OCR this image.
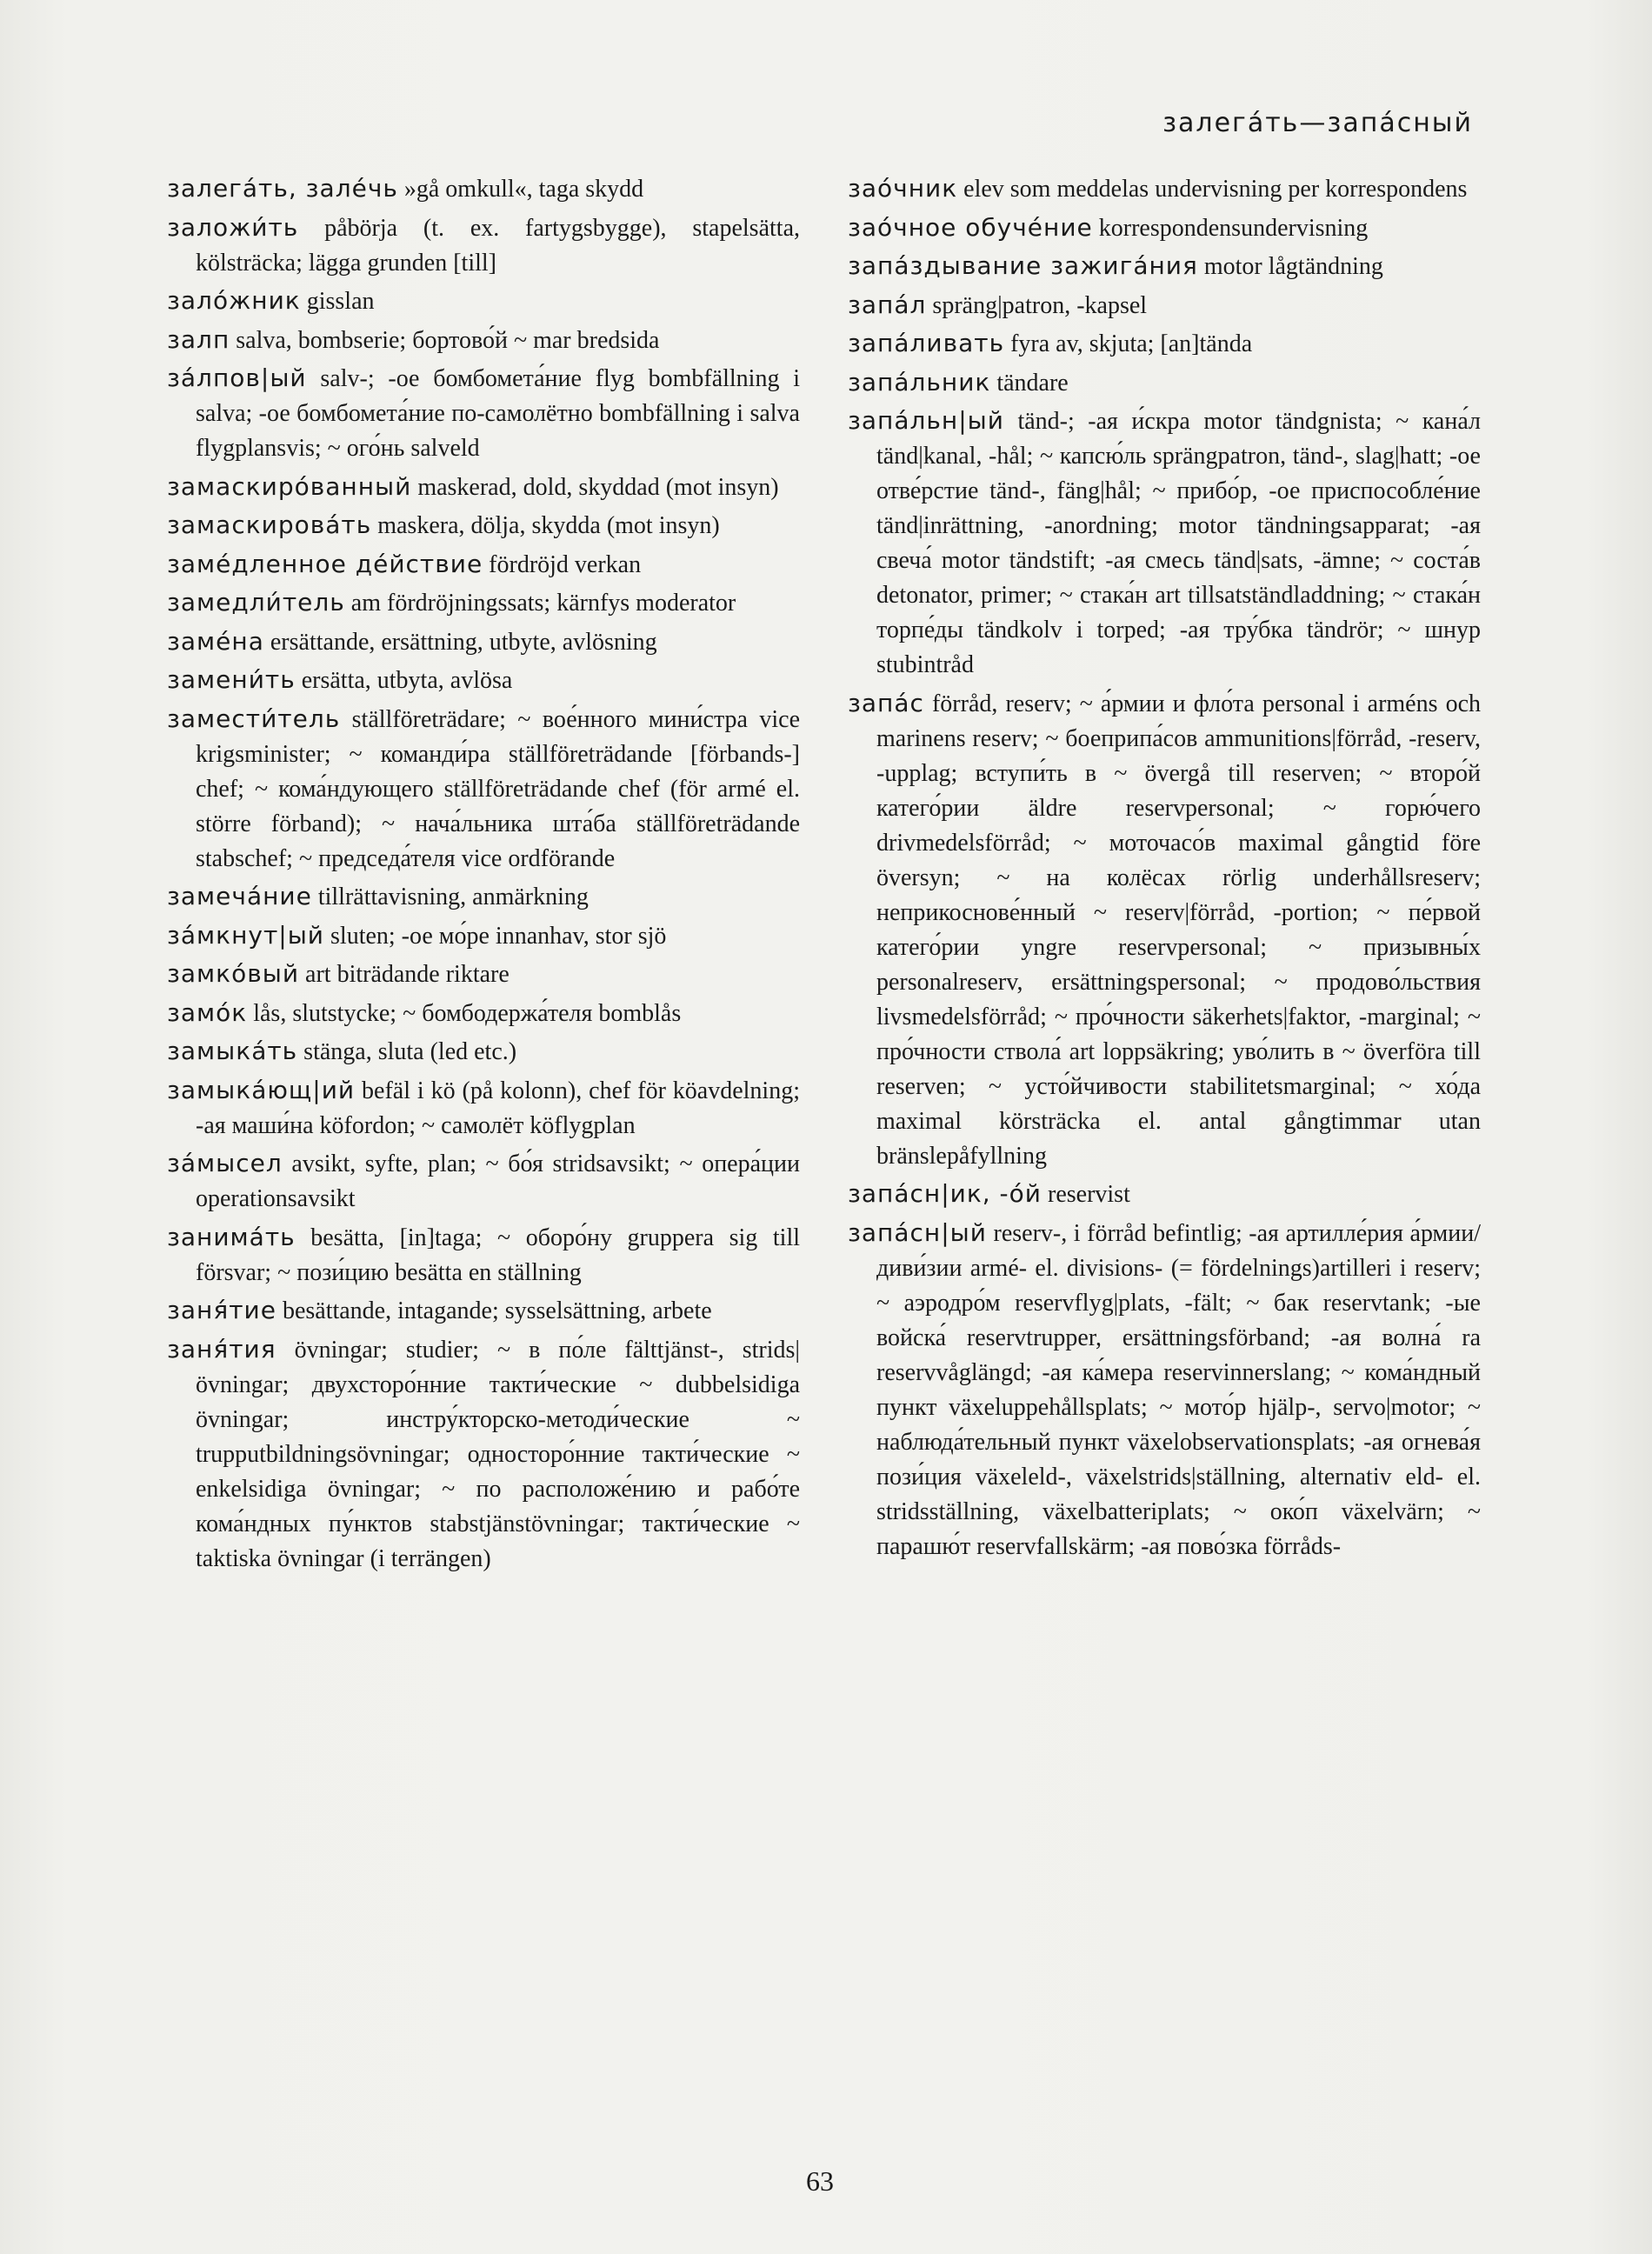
залега́ть—запа́сный

залега́ть, зале́чь »gå omkull«, taga skydd

заложи́ть påbörja (t. ex. fartygsbygge), stapelsätta, kölsträcka; lägga grunden [till]

зало́жник gisslan

залп salva, bombserie; бортово́й ~ mar bredsida

за́лпов|ый salv-; -ое бомбомета́ние flyg bombfällning i salva; -ое бомбомета́ние по-самолётно bombfällning i salva flygplansvis; ~ ого́нь salveld

замаскиро́ванный maskerad, dold, skyddad (mot insyn)

замаскирова́ть maskera, dölja, skydda (mot insyn)

заме́дленное де́йствие fördröjd verkan

замедли́тель am fördröjningssats; kärnfys moderator

заме́на ersättande, ersättning, utbyte, avlösning

замени́ть ersätta, utbyta, avlösa

замести́тель ställföreträdare; ~ вое́нного мини́стра vice krigsminister; ~ команди́ра ställföreträdande [förbands-] chef; ~ кома́ндующего ställföreträdande chef (för armé el. större förband); ~ нача́льника шта́ба ställföreträdande stabschef; ~ председа́теля vice ordförande

замеча́ние tillrättavisning, anmärkning

за́мкнут|ый sluten; -ое мо́ре innanhav, stor sjö

замко́вый art biträdande riktare

замо́к lås, slutstycke; ~ бомбодержа́теля bomblås

замыка́ть stänga, sluta (led etc.)

замыка́ющ|ий befäl i kö (på kolonn), chef för köavdelning; -ая маши́на köfordon; ~ самолёт köflygplan

за́мысел avsikt, syfte, plan; ~ бо́я stridsavsikt; ~ опера́ции operationsavsikt

занима́ть besätta, [in]taga; ~ оборо́ну gruppera sig till försvar; ~ пози́цию besätta en ställning

заня́тие besättande, intagande; sysselsättning, arbete

заня́тия övningar; studier; ~ в по́ле fälttjänst-, strids|övningar; двухсторо́нние такти́ческие ~ dubbelsidiga övningar; инстру́кторско-методи́ческие ~ trupputbildningsövningar; односторо́нние такти́ческие ~ enkelsidiga övningar; ~ по расположе́нию и рабо́те кома́ндных пу́нктов stabstjänstövningar; такти́ческие ~ taktiska övningar (i terrängen)

зао́чник elev som meddelas undervisning per korrespondens

зао́чное обуче́ние korrespondensundervisning

запа́здывание зажига́ния motor lågtändning

запа́л spräng|patron, -kapsel

запа́ливать fyra av, skjuta; [an]tända

запа́льник tändare

запа́льн|ый tänd-; -ая и́скра motor tändgnista; ~ кана́л tänd|kanal, -hål; ~ капсю́ль sprängpatron, tänd-, slag|hatt; -ое отве́рстие tänd-, fäng|hål; ~ прибо́р, -ое приспособле́ние tänd|inrättning, -anordning; motor tändningsapparat; -ая свеча́ motor tändstift; -ая смесь tänd|sats, -ämne; ~ соста́в detonator, primer; ~ стака́н art tillsatständladdning; ~ стака́н торпе́ды tändkolv i torped; -ая тру́бка tändrör; ~ шнур stubintråd

запа́с förråd, reserv; ~ а́рмии и фло́та personal i arméns och marinens reserv; ~ боеприпа́сов ammunitions|förråd, -reserv, -upplag; вступи́ть в ~ övergå till reserven; ~ второ́й катего́рии äldre reservpersonal; ~ горю́чего drivmedelsförråd; ~ моточасо́в maximal gångtid före översyn; ~ на колёсах rörlig underhållsreserv; неприкоснове́нный ~ reserv|förråd, -portion; ~ пе́рвой катего́рии yngre reservpersonal; ~ призывны́х personalreserv, ersättningspersonal; ~ продово́льствия livsmedelsförråd; ~ про́чности säkerhets|faktor, -marginal; ~ про́чности ствола́ art loppsäkring; уво́лить в ~ överföra till reserven; ~ усто́йчивости stabilitetsmarginal; ~ хо́да maximal körsträcka el. antal gångtimmar utan bränslepåfyllning

запа́сн|ик, -о́й reservist

запа́сн|ый reserv-, i förråd befintlig; -ая артилле́рия а́рмии/диви́зии armé- el. divisions- (= fördelnings)artilleri i reserv; ~ аэродро́м reservflyg|plats, -fält; ~ бак reservtank; -ые войска́ reservtrupper, ersättningsförband; -ая волна́ ra reservvåglängd; -ая ка́мера reservinnerslang; ~ кома́ндный пункт växeluppehållsplats; ~ мото́р hjälp-, servo|motor; ~ наблюда́тельный пункт växelobservationsplats; -ая огнева́я пози́ция växeleld-, växelstrids|ställning, alternativ eld- el. stridsställning, växelbatteriplats; ~ око́п växelvärn; ~ парашю́т reservfallskärm; -ая пово́зка förråds-

63
